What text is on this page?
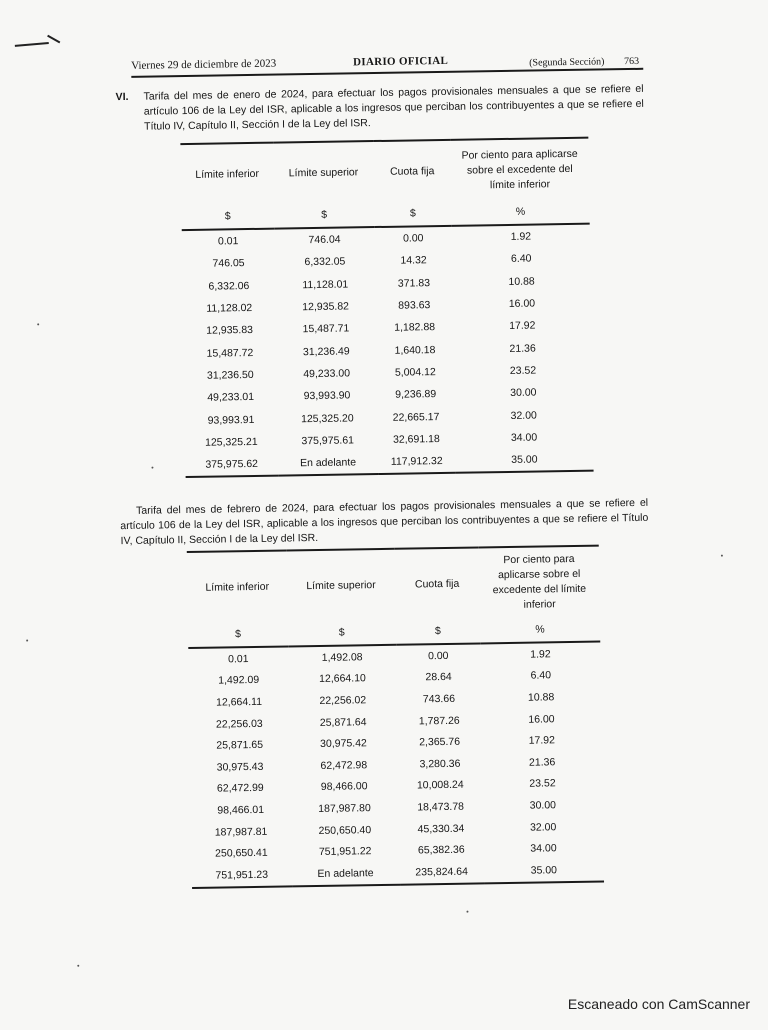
Viernes 29 de diciembre de 2023	DIARIO OFICIAL	(Segunda Sección) 763
VI. Tarifa del mes de enero de 2024, para efectuar los pagos provisionales mensuales a que se refiere el artículo 106 de la Ley del ISR, aplicable a los ingresos que perciban los contribuyentes a que se refiere el Título IV, Capítulo II, Sección I de la Ley del ISR.
Límite inferior	Límite superior	Cuota fija	Por ciento para aplicarse sobre el excedente del límite inferior
$	$	$	%
0.01	746.04	0.00	1.92
746.05	6,332.05	14.32	6.40
6,332.06	11,128.01	371.83	10.88
11,128.02	12,935.82	893.63	16.00
12,935.83	15,487.71	1,182.88	17.92
15,487.72	31,236.49	1,640.18	21.36
31,236.50	49,233.00	5,004.12	23.52
49,233.01	93,993.90	9,236.89	30.00
93,993.91	125,325.20	22,665.17	32.00
125,325.21	375,975.61	32,691.18	34.00
375,975.62	En adelante	117,912.32	35.00
Tarifa del mes de febrero de 2024, para efectuar los pagos provisionales mensuales a que se refiere el artículo 106 de la Ley del ISR, aplicable a los ingresos que perciban los contribuyentes a que se refiere el Título IV, Capítulo II, Sección I de la Ley del ISR.
Límite inferior	Límite superior	Cuota fija	Por ciento para aplicarse sobre el excedente del límite inferior
$	$	$	%
0.01	1,492.08	0.00	1.92
1,492.09	12,664.10	28.64	6.40
12,664.11	22,256.02	743.66	10.88
22,256.03	25,871.64	1,787.26	16.00
25,871.65	30,975.42	2,365.76	17.92
30,975.43	62,472.98	3,280.36	21.36
62,472.99	98,466.00	10,008.24	23.52
98,466.01	187,987.80	18,473.78	30.00
187,987.81	250,650.40	45,330.34	32.00
250,650.41	751,951.22	65,382.36	34.00
751,951.23	En adelante	235,824.64	35.00
Escaneado con CamScanner
